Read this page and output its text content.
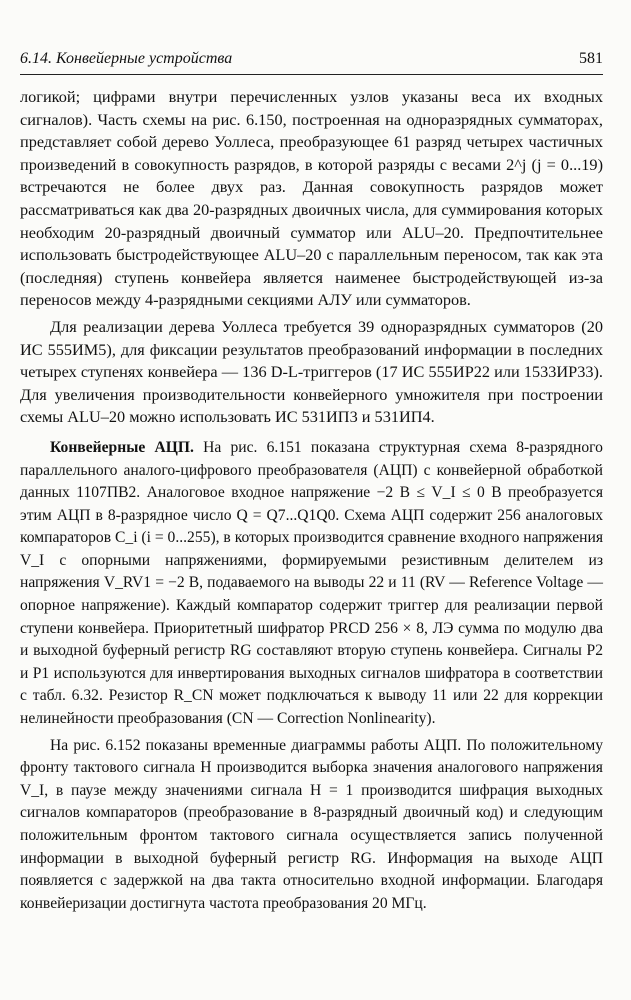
6.14. Конвейерные устройства	581

логикой; цифрами внутри перечисленных узлов указаны веса их входных сигналов). Часть схемы на рис. 6.150, построенная на одноразрядных сумматорах, представляет собой дерево Уоллеса, преобразующее 61 разряд четырех частичных произведений в совокупность разрядов, в которой разряды с весами 2^j (j = 0...19) встречаются не более двух раз. Данная совокупность разрядов может рассматриваться как два 20-разрядных двоичных числа, для суммирования которых необходим 20-разрядный двоичный сумматор или ALU–20. Предпочтительнее использовать быстродействующее ALU–20 с параллельным переносом, так как эта (последняя) ступень конвейера является наименее быстродействующей из-за переносов между 4-разрядными секциями АЛУ или сумматоров.

Для реализации дерева Уоллеса требуется 39 одноразрядных сумматоров (20 ИС 555ИМ5), для фиксации результатов преобразований информации в последних четырех ступенях конвейера — 136 D-L-триггеров (17 ИС 555ИР22 или 1533ИР33). Для увеличения производительности конвейерного умножителя при построении схемы ALU–20 можно использовать ИС 531ИП3 и 531ИП4.

Конвейерные АЦП. На рис. 6.151 показана структурная схема 8-разрядного параллельного аналого-цифрового преобразователя (АЦП) с конвейерной обработкой данных 1107ПВ2. Аналоговое входное напряжение −2 В ≤ V_I ≤ 0 В преобразуется этим АЦП в 8-разрядное число Q = Q7...Q1Q0. Схема АЦП содержит 256 аналоговых компараторов C_i (i = 0...255), в которых производится сравнение входного напряжения V_I с опорными напряжениями, формируемыми резистивным делителем из напряжения V_RV1 = −2 В, подаваемого на выводы 22 и 11 (RV — Reference Voltage — опорное напряжение). Каждый компаратор содержит триггер для реализации первой ступени конвейера. Приоритетный шифратор PRCD 256 × 8, ЛЭ сумма по модулю два и выходной буферный регистр RG составляют вторую ступень конвейера. Сигналы P2 и P1 используются для инвертирования выходных сигналов шифратора в соответствии с табл. 6.32. Резистор R_CN может подключаться к выводу 11 или 22 для коррекции нелинейности преобразования (CN — Correction Nonlinearity).

На рис. 6.152 показаны временные диаграммы работы АЦП. По положительному фронту тактового сигнала H производится выборка значения аналогового напряжения V_I, в паузе между значениями сигнала H = 1 производится шифрация выходных сигналов компараторов (преобразование в 8-разрядный двоичный код) и следующим положительным фронтом тактового сигнала осуществляется запись полученной информации в выходной буферный регистр RG. Информация на выходе АЦП появляется с задержкой на два такта относительно входной информации. Благодаря конвейеризации достигнута частота преобразования 20 МГц.
